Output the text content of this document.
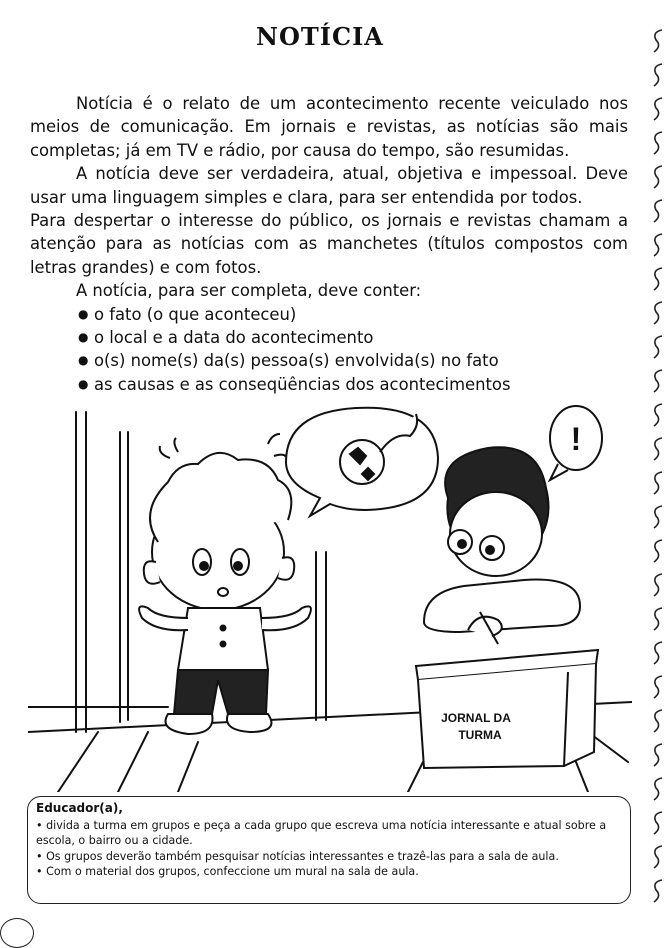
NOTÍCIA

Notícia é o relato de um acontecimento recente veiculado nos meios de comunicação. Em jornais e revistas, as notícias são mais completas; já em TV e rádio, por causa do tempo, são resumidas.

A notícia deve ser verdadeira, atual, objetiva e impessoal. Deve usar uma linguagem simples e clara, para ser entendida por todos.

Para despertar o interesse do público, os jornais e revistas chamam a atenção para as notícias com as manchetes (títulos compostos com letras grandes) e com fotos.

A notícia, para ser completa, deve conter:

● o fato (o que aconteceu)
● o local e a data do acontecimento
● o(s) nome(s) da(s) pessoa(s) envolvida(s) no fato
● as causas e as conseqüências dos acontecimentos
JORNAL DA
TURMA
!
Educador(a),
• divida a turma em grupos e peça a cada grupo que escreva uma notícia interessante e atual sobre a escola, o bairro ou a cidade.
• Os grupos deverão também pesquisar notícias interessantes e trazê-las para a sala de aula.
• Com o material dos grupos, confeccione um mural na sala de aula.
